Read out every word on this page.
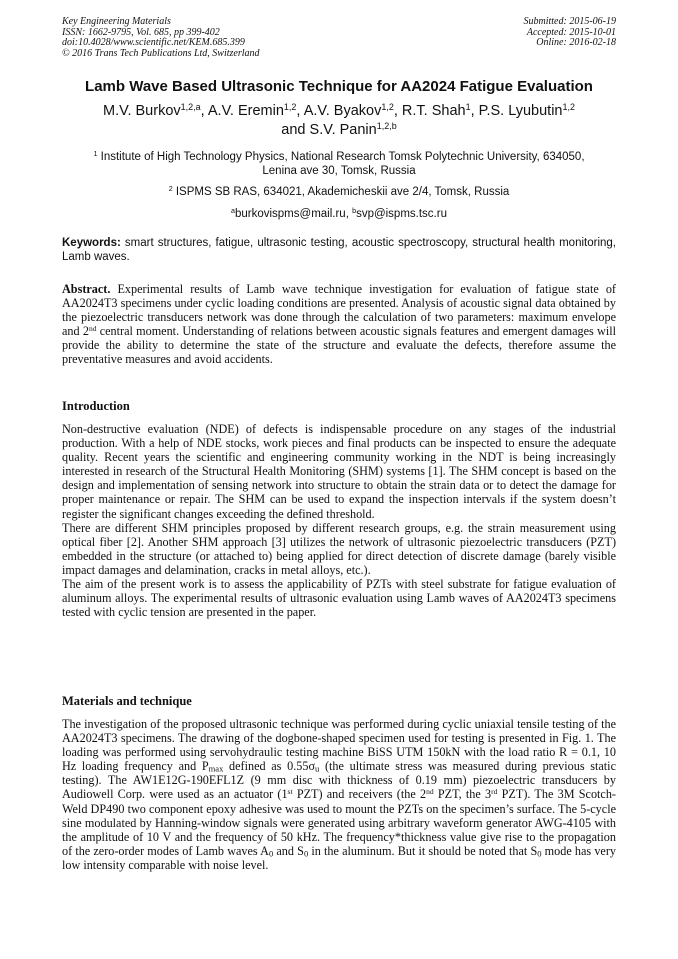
Key Engineering Materials
ISSN: 1662-9795, Vol. 685, pp 399-402
doi:10.4028/www.scientific.net/KEM.685.399
© 2016 Trans Tech Publications Ltd, Switzerland
Submitted: 2015-06-19
Accepted: 2015-10-01
Online: 2016-02-18
Lamb Wave Based Ultrasonic Technique for AA2024 Fatigue Evaluation
M.V. Burkov$^{1,2,a}$, A.V. Eremin$^{1,2}$, A.V. Byakov$^{1,2}$, R.T. Shah$^1$, P.S. Lyubutin$^{1,2}$
and S.V. Panin$^{1,2,b}$
$^1$ Institute of High Technology Physics, National Research Tomsk Polytechnic University, 634050,
Lenina ave 30, Tomsk, Russia
$^2$ ISPMS SB RAS, 634021, Akademicheskii ave 2/4, Tomsk, Russia
$^a$burkovispms@mail.ru, $^b$svp@ispms.tsc.ru
Keywords: smart structures, fatigue, ultrasonic testing, acoustic spectroscopy, structural health monitoring, Lamb waves.
Abstract. Experimental results of Lamb wave technique investigation for evaluation of fatigue state of AA2024T3 specimens under cyclic loading conditions are presented. Analysis of acoustic signal data obtained by the piezoelectric transducers network was done through the calculation of two parameters: maximum envelope and 2nd central moment. Understanding of relations between acoustic signals features and emergent damages will provide the ability to determine the state of the structure and evaluate the defects, therefore assume the preventative measures and avoid accidents.
Introduction

Non-destructive evaluation (NDE) of defects is indispensable procedure on any stages of the industrial production. With a help of NDE stocks, work pieces and final products can be inspected to ensure the adequate quality. Recent years the scientific and engineering community working in the NDT is being increasingly interested in research of the Structural Health Monitoring (SHM) systems [1]. The SHM concept is based on the design and implementation of sensing network into structure to obtain the strain data or to detect the damage for proper maintenance or repair. The SHM can be used to expand the inspection intervals if the system doesn’t register the significant changes exceeding the defined threshold.

There are different SHM principles proposed by different research groups, e.g. the strain measurement using optical fiber [2]. Another SHM approach [3] utilizes the network of ultrasonic piezoelectric transducers (PZT) embedded in the structure (or attached to) being applied for direct detection of discrete damage (barely visible impact damages and delamination, cracks in metal alloys, etc.).

The aim of the present work is to assess the applicability of PZTs with steel substrate for fatigue evaluation of aluminum alloys. The experimental results of ultrasonic evaluation using Lamb waves of AA2024T3 specimens tested with cyclic tension are presented in the paper.

Materials and technique
The investigation of the proposed ultrasonic technique was performed during cyclic uniaxial tensile testing of the AA2024T3 specimens. The drawing of the dogbone-shaped specimen used for testing is presented in Fig. 1. The loading was performed using servohydraulic testing machine BiSS UTM 150kN with the load ratio R = 0.1, 10 Hz loading frequency and $P_{max}$ defined as $0.55\sigma_u$ (the ultimate stress was measured during previous static testing). The AW1E12G-190EFL1Z (9 mm disc with thickness of 0.19 mm) piezoelectric transducers by Audiowell Corp. were used as an actuator (1st PZT) and receivers (the 2nd PZT, the 3rd PZT). The 3M Scotch-Weld DP490 two component epoxy adhesive was used to mount the PZTs on the specimen’s surface. The 5-cycle sine modulated by Hanning-window signals were generated using arbitrary waveform generator AWG-4105 with the amplitude of 10 V and the frequency of 50 kHz. The frequency*thickness value give rise to the propagation of the zero-order modes of Lamb waves $A_0$ and $S_0$ in the aluminum. But it should be noted that $S_0$ mode has very low intensity comparable with noise level.
